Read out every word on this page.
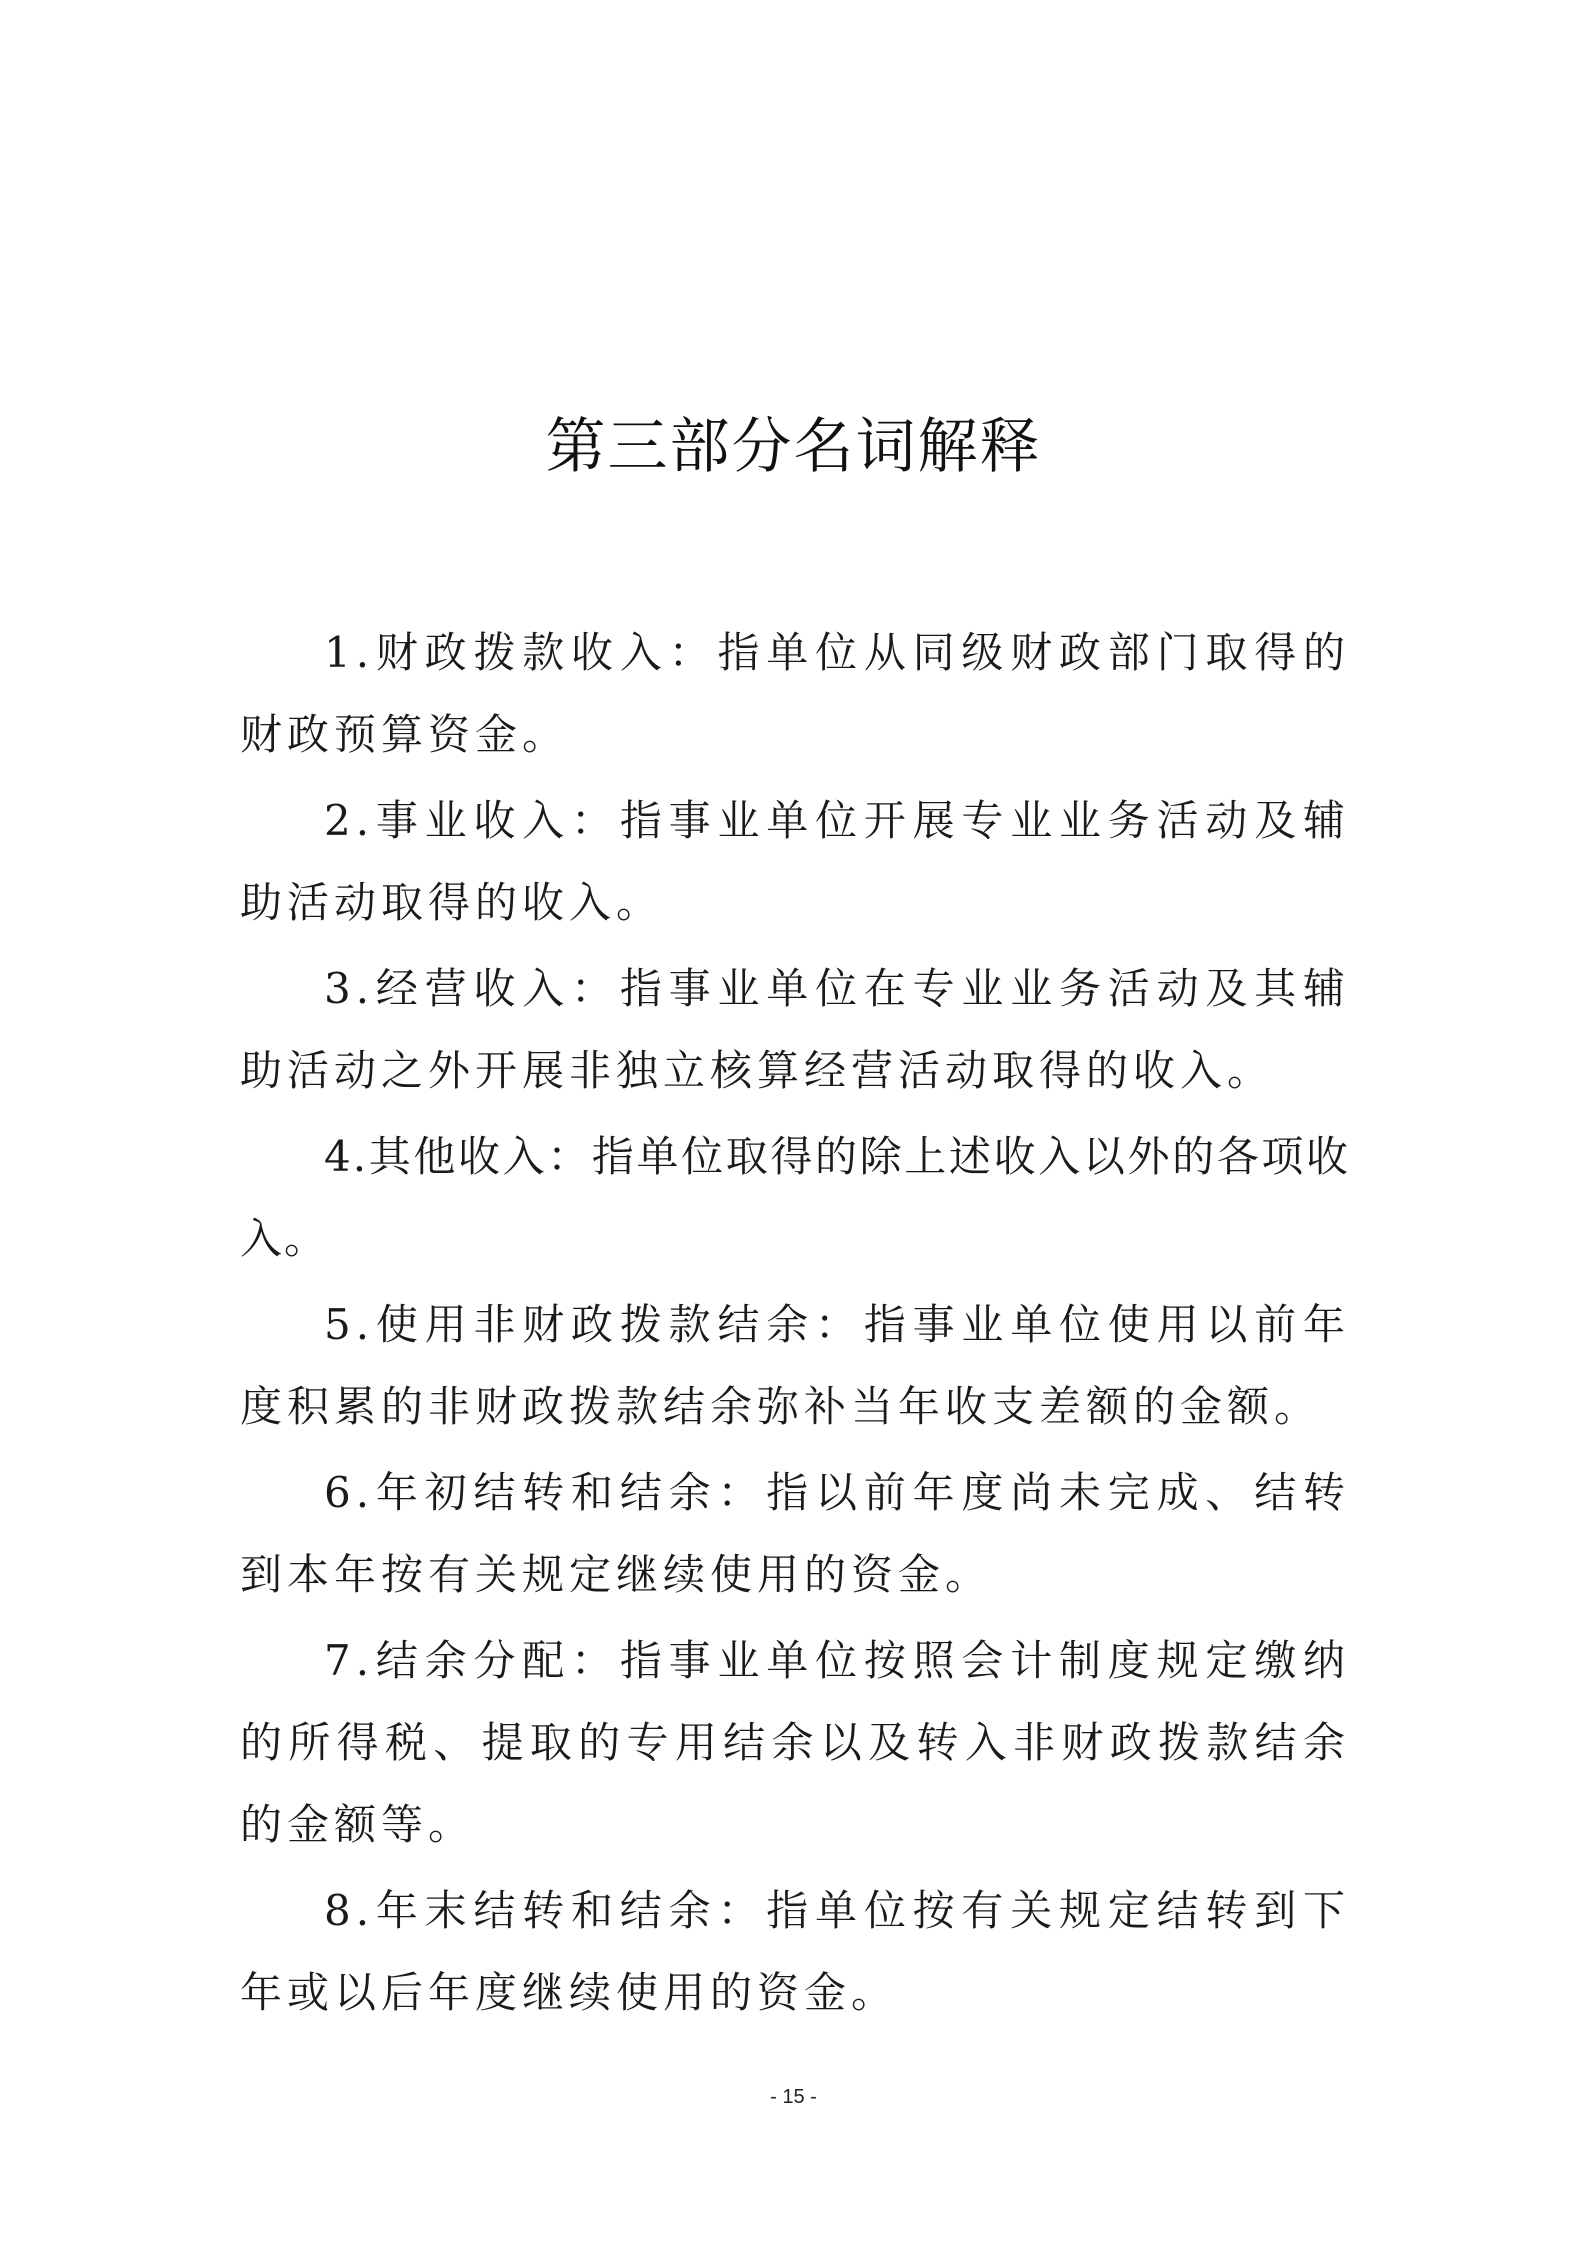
第三部分名词解释
1.财政拨款收入：指单位从同级财政部门取得的财政预算资金。
2.事业收入：指事业单位开展专业业务活动及辅助活动取得的收入。
3.经营收入：指事业单位在专业业务活动及其辅助活动之外开展非独立核算经营活动取得的收入。
4.其他收入：指单位取得的除上述收入以外的各项收入。
5.使用非财政拨款结余：指事业单位使用以前年度积累的非财政拨款结余弥补当年收支差额的金额。
6.年初结转和结余：指以前年度尚未完成、结转到本年按有关规定继续使用的资金。
7.结余分配：指事业单位按照会计制度规定缴纳的所得税、提取的专用结余以及转入非财政拨款结余的金额等。
8.年末结转和结余：指单位按有关规定结转到下年或以后年度继续使用的资金。
- 15 -
